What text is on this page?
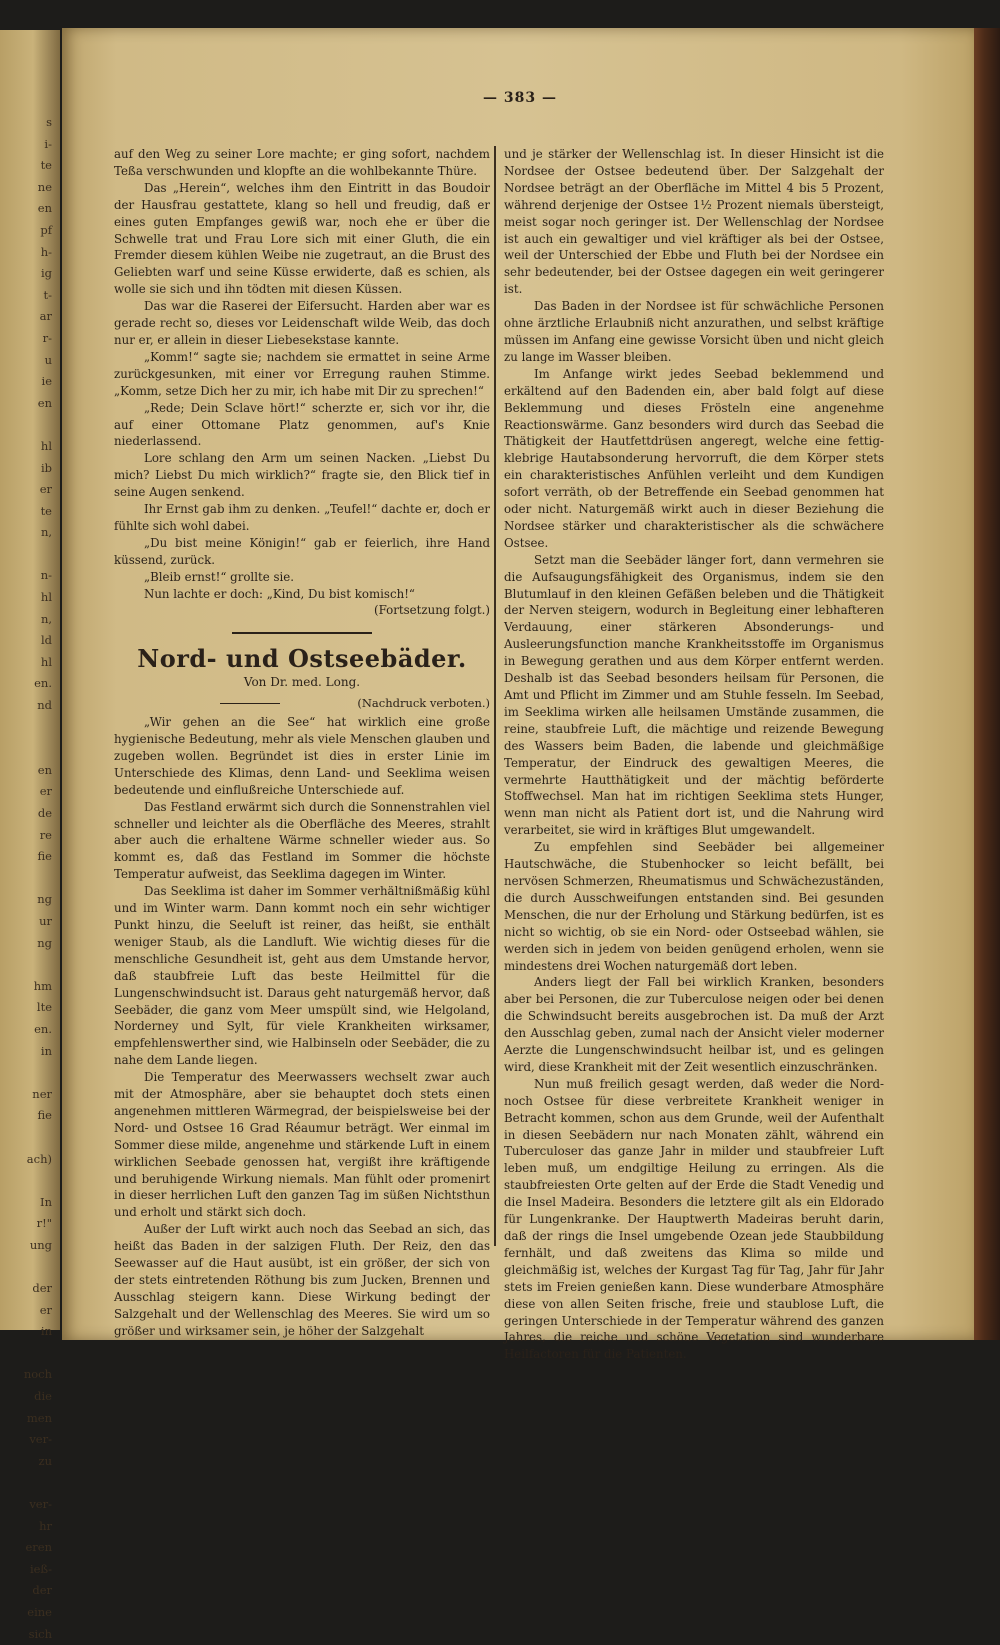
s
i-
te
ne
en
pf
h-
ig
t-
ar
r-
u
ie
en

hl
ib
er
te
n,

n-
hl
n,
ld
hl
en.
nd

en
er
de
re
fie

ng
ur
ng

hm
lte
en.
in

ner
fie

ach)

In
r!"
ung

der
er
in

noch
die
men
ver-
zu

ver-
hr
eren
ieß-
der
eine
sich
— 383 —

auf den Weg zu seiner Lore machte; er ging sofort, nachdem Teßa verschwunden und klopfte an die wohlbekannte Thüre.

Das „Herein“, welches ihm den Eintritt in das Boudoir der Hausfrau gestattete, klang so hell und freudig, daß er eines guten Empfanges gewiß war, noch ehe er über die Schwelle trat und Frau Lore sich mit einer Gluth, die ein Fremder diesem kühlen Weibe nie zugetraut, an die Brust des Geliebten warf und seine Küsse erwiderte, daß es schien, als wolle sie sich und ihn tödten mit diesen Küssen.

Das war die Raserei der Eifersucht. Harden aber war es gerade recht so, dieses vor Leidenschaft wilde Weib, das doch nur er, er allein in dieser Liebesekstase kannte.

„Komm!“ sagte sie; nachdem sie ermattet in seine Arme zurückgesunken, mit einer vor Erregung rauhen Stimme. „Komm, setze Dich her zu mir, ich habe mit Dir zu sprechen!“

„Rede; Dein Sclave hört!“ scherzte er, sich vor ihr, die auf einer Ottomane Platz genommen, auf's Knie niederlassend.

Lore schlang den Arm um seinen Nacken. „Liebst Du mich? Liebst Du mich wirklich?“ fragte sie, den Blick tief in seine Augen senkend.

Ihr Ernst gab ihm zu denken. „Teufel!“ dachte er, doch er fühlte sich wohl dabei.

„Du bist meine Königin!“ gab er feierlich, ihre Hand küssend, zurück.

„Bleib ernst!“ grollte sie.

Nun lachte er doch: „Kind, Du bist komisch!“

(Fortsetzung folgt.)

Nord- und Ostseebäder.
Von Dr. med. Long.
(Nachdruck verboten.)

„Wir gehen an die See“ hat wirklich eine große hygienische Bedeutung, mehr als viele Menschen glauben und zugeben wollen. Begründet ist dies in erster Linie im Unterschiede des Klimas, denn Land- und Seeklima weisen bedeutende und einflußreiche Unterschiede auf.

Das Festland erwärmt sich durch die Sonnenstrahlen viel schneller und leichter als die Oberfläche des Meeres, strahlt aber auch die erhaltene Wärme schneller wieder aus. So kommt es, daß das Festland im Sommer die höchste Temperatur aufweist, das Seeklima dagegen im Winter.

Das Seeklima ist daher im Sommer verhältnißmäßig kühl und im Winter warm. Dann kommt noch ein sehr wichtiger Punkt hinzu, die Seeluft ist reiner, das heißt, sie enthält weniger Staub, als die Landluft. Wie wichtig dieses für die menschliche Gesundheit ist, geht aus dem Umstande hervor, daß staubfreie Luft das beste Heilmittel für die Lungenschwindsucht ist. Daraus geht naturgemäß hervor, daß Seebäder, die ganz vom Meer umspült sind, wie Helgoland, Norderney und Sylt, für viele Krankheiten wirksamer, empfehlenswerther sind, wie Halbinseln oder Seebäder, die zu nahe dem Lande liegen.

Die Temperatur des Meerwassers wechselt zwar auch mit der Atmosphäre, aber sie behauptet doch stets einen angenehmen mittleren Wärmegrad, der beispielsweise bei der Nord- und Ostsee 16 Grad Réaumur beträgt. Wer einmal im Sommer diese milde, angenehme und stärkende Luft in einem wirklichen Seebade genossen hat, vergißt ihre kräftigende und beruhigende Wirkung niemals. Man fühlt oder promenirt in dieser herrlichen Luft den ganzen Tag im süßen Nichtsthun und erholt und stärkt sich doch.

Außer der Luft wirkt auch noch das Seebad an sich, das heißt das Baden in der salzigen Fluth. Der Reiz, den das Seewasser auf die Haut ausübt, ist ein größer, der sich von der stets eintretenden Röthung bis zum Jucken, Brennen und Ausschlag steigern kann. Diese Wirkung bedingt der Salzgehalt und der Wellenschlag des Meeres. Sie wird um so größer und wirksamer sein, je höher der Salzgehalt

und je stärker der Wellenschlag ist. In dieser Hinsicht ist die Nordsee der Ostsee bedeutend über. Der Salzgehalt der Nordsee beträgt an der Oberfläche im Mittel 4 bis 5 Prozent, während derjenige der Ostsee 1½ Prozent niemals übersteigt, meist sogar noch geringer ist. Der Wellenschlag der Nordsee ist auch ein gewaltiger und viel kräftiger als bei der Ostsee, weil der Unterschied der Ebbe und Fluth bei der Nordsee ein sehr bedeutender, bei der Ostsee dagegen ein weit geringerer ist.

Das Baden in der Nordsee ist für schwächliche Personen ohne ärztliche Erlaubniß nicht anzurathen, und selbst kräftige müssen im Anfang eine gewisse Vorsicht üben und nicht gleich zu lange im Wasser bleiben.

Im Anfange wirkt jedes Seebad beklemmend und erkältend auf den Badenden ein, aber bald folgt auf diese Beklemmung und dieses Frösteln eine angenehme Reactionswärme. Ganz besonders wird durch das Seebad die Thätigkeit der Hautfettdrüsen angeregt, welche eine fettig-klebrige Hautabsonderung hervorruft, die dem Körper stets ein charakteristisches Anfühlen verleiht und dem Kundigen sofort verräth, ob der Betreffende ein Seebad genommen hat oder nicht. Naturgemäß wirkt auch in dieser Beziehung die Nordsee stärker und charakteristischer als die schwächere Ostsee.

Setzt man die Seebäder länger fort, dann vermehren sie die Aufsaugungsfähigkeit des Organismus, indem sie den Blutumlauf in den kleinen Gefäßen beleben und die Thätigkeit der Nerven steigern, wodurch in Begleitung einer lebhafteren Verdauung, einer stärkeren Absonderungs- und Ausleerungsfunction manche Krankheitsstoffe im Organismus in Bewegung gerathen und aus dem Körper entfernt werden. Deshalb ist das Seebad besonders heilsam für Personen, die Amt und Pflicht im Zimmer und am Stuhle fesseln. Im Seebad, im Seeklima wirken alle heilsamen Umstände zusammen, die reine, staubfreie Luft, die mächtige und reizende Bewegung des Wassers beim Baden, die labende und gleichmäßige Temperatur, der Eindruck des gewaltigen Meeres, die vermehrte Hautthätigkeit und der mächtig beförderte Stoffwechsel. Man hat im richtigen Seeklima stets Hunger, wenn man nicht als Patient dort ist, und die Nahrung wird verarbeitet, sie wird in kräftiges Blut umgewandelt.

Zu empfehlen sind Seebäder bei allgemeiner Hautschwäche, die Stubenhocker so leicht befällt, bei nervösen Schmerzen, Rheumatismus und Schwächezuständen, die durch Ausschweifungen entstanden sind. Bei gesunden Menschen, die nur der Erholung und Stärkung bedürfen, ist es nicht so wichtig, ob sie ein Nord- oder Ostseebad wählen, sie werden sich in jedem von beiden genügend erholen, wenn sie mindestens drei Wochen naturgemäß dort leben.

Anders liegt der Fall bei wirklich Kranken, besonders aber bei Personen, die zur Tuberculose neigen oder bei denen die Schwindsucht bereits ausgebrochen ist. Da muß der Arzt den Ausschlag geben, zumal nach der Ansicht vieler moderner Aerzte die Lungenschwindsucht heilbar ist, und es gelingen wird, diese Krankheit mit der Zeit wesentlich einzuschränken.

Nun muß freilich gesagt werden, daß weder die Nord- noch Ostsee für diese verbreitete Krankheit weniger in Betracht kommen, schon aus dem Grunde, weil der Aufenthalt in diesen Seebädern nur nach Monaten zählt, während ein Tuberculoser das ganze Jahr in milder und staubfreier Luft leben muß, um endgiltige Heilung zu erringen. Als die staubfreiesten Orte gelten auf der Erde die Stadt Venedig und die Insel Madeira. Besonders die letztere gilt als ein Eldorado für Lungenkranke. Der Hauptwerth Madeiras beruht darin, daß der rings die Insel umgebende Ozean jede Staubbildung fernhält, und daß zweitens das Klima so milde und gleichmäßig ist, welches der Kurgast Tag für Tag, Jahr für Jahr stets im Freien genießen kann. Diese wunderbare Atmosphäre diese von allen Seiten frische, freie und staublose Luft, die geringen Unterschiede in der Temperatur während des ganzen Jahres, die reiche und schöne Vegetation sind wunderbare Heilfactoren für die Patienten.
